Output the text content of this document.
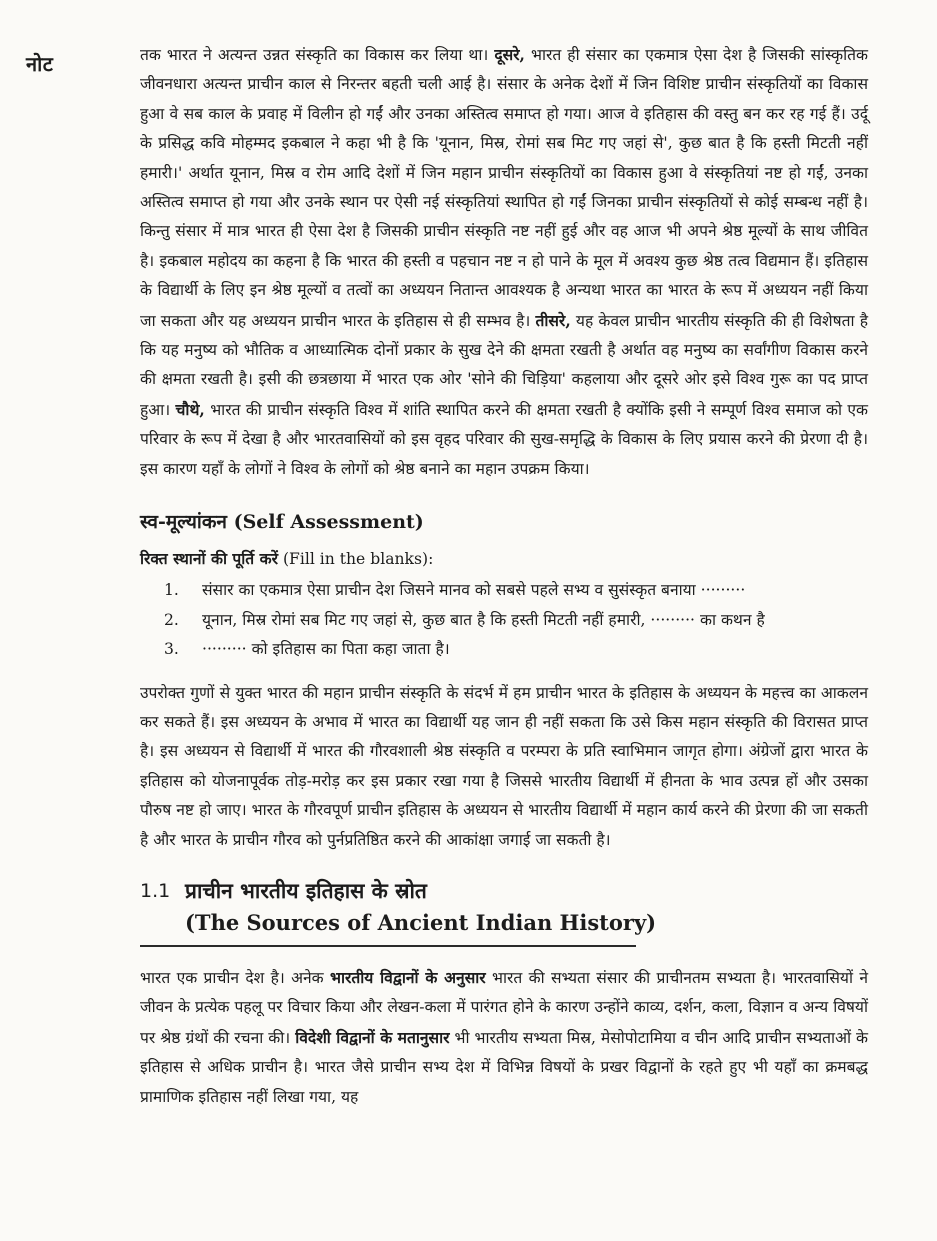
नोट	तक भारत ने अत्यन्त उन्नत संस्कृति का विकास कर लिया था। दूसरे, भारत ही संसार का एकमात्र ऐसा देश है जिसकी सांस्कृतिक जीवनधारा अत्यन्त प्राचीन काल से निरन्तर बहती चली आई है। संसार के अनेक देशों में जिन विशिष्ट प्राचीन संस्कृतियों का विकास हुआ वे सब काल के प्रवाह में विलीन हो गईं और उनका अस्तित्व समाप्त हो गया। आज वे इतिहास की वस्तु बन कर रह गई हैं। उर्दू के प्रसिद्ध कवि मोहम्मद इकबाल ने कहा भी है कि 'यूनान, मिस्र, रोमां सब मिट गए जहां से', कुछ बात है कि हस्ती मिटती नहीं हमारी।' अर्थात यूनान, मिस्र व रोम आदि देशों में जिन महान प्राचीन संस्कृतियों का विकास हुआ वे संस्कृतियां नष्ट हो गईं, उनका अस्तित्व समाप्त हो गया और उनके स्थान पर ऐसी नई संस्कृतियां स्थापित हो गईं जिनका प्राचीन संस्कृतियों से कोई सम्बन्ध नहीं है। किन्तु संसार में मात्र भारत ही ऐसा देश है जिसकी प्राचीन संस्कृति नष्ट नहीं हुई और वह आज भी अपने श्रेष्ठ मूल्यों के साथ जीवित है। इकबाल महोदय का कहना है कि भारत की हस्ती व पहचान नष्ट न हो पाने के मूल में अवश्य कुछ श्रेष्ठ तत्व विद्यमान हैं। इतिहास के विद्यार्थी के लिए इन श्रेष्ठ मूल्यों व तत्वों का अध्ययन नितान्त आवश्यक है अन्यथा भारत का भारत के रूप में अध्ययन नहीं किया जा सकता और यह अध्ययन प्राचीन भारत के इतिहास से ही सम्भव है। तीसरे, यह केवल प्राचीन भारतीय संस्कृति की ही विशेषता है कि यह मनुष्य को भौतिक व आध्यात्मिक दोनों प्रकार के सुख देने की क्षमता रखती है अर्थात वह मनुष्य का सर्वांगीण विकास करने की क्षमता रखती है। इसी की छत्रछाया में भारत एक ओर 'सोने की चिड़िया' कहलाया और दूसरे ओर इसे विश्व गुरू का पद प्राप्त हुआ। चौथे, भारत की प्राचीन संस्कृति विश्व में शांति स्थापित करने की क्षमता रखती है क्योंकि इसी ने सम्पूर्ण विश्व समाज को एक परिवार के रूप में देखा है और भारतवासियों को इस वृहद परिवार की सुख-समृद्धि के विकास के लिए प्रयास करने की प्रेरणा दी है। इस कारण यहाँ के लोगों ने विश्व के लोगों को श्रेष्ठ बनाने का महान उपक्रम किया।

स्व-मूल्यांकन (Self Assessment)
रिक्त स्थानों की पूर्ति करें (Fill in the blanks):
1.	संसार का एकमात्र ऐसा प्राचीन देश जिसने मानव को सबसे पहले सभ्य व सुसंस्कृत बनाया ·········
2.	यूनान, मिस्र रोमां सब मिट गए जहां से, कुछ बात है कि हस्ती मिटती नहीं हमारी, ········· का कथन है
3.	········· को इतिहास का पिता कहा जाता है।

उपरोक्त गुणों से युक्त भारत की महान प्राचीन संस्कृति के संदर्भ में हम प्राचीन भारत के इतिहास के अध्ययन के महत्त्व का आकलन कर सकते हैं। इस अध्ययन के अभाव में भारत का विद्यार्थी यह जान ही नहीं सकता कि उसे किस महान संस्कृति की विरासत प्राप्त है। इस अध्ययन से विद्यार्थी में भारत की गौरवशाली श्रेष्ठ संस्कृति व परम्परा के प्रति स्वाभिमान जागृत होगा। अंग्रेजों द्वारा भारत के इतिहास को योजनापूर्वक तोड़-मरोड़ कर इस प्रकार रखा गया है जिससे भारतीय विद्यार्थी में हीनता के भाव उत्पन्न हों और उसका पौरुष नष्ट हो जाए। भारत के गौरवपूर्ण प्राचीन इतिहास के अध्ययन से भारतीय विद्यार्थी में महान कार्य करने की प्रेरणा की जा सकती है और भारत के प्राचीन गौरव को पुर्नप्रतिष्ठित करने की आकांक्षा जगाई जा सकती है।

1.1 प्राचीन भारतीय इतिहास के स्रोत
(The Sources of Ancient Indian History)

भारत एक प्राचीन देश है। अनेक भारतीय विद्वानों के अनुसार भारत की सभ्यता संसार की प्राचीनतम सभ्यता है। भारतवासियों ने जीवन के प्रत्येक पहलू पर विचार किया और लेखन-कला में पारंगत होने के कारण उन्होंने काव्य, दर्शन, कला, विज्ञान व अन्य विषयों पर श्रेष्ठ ग्रंथों की रचना की। विदेशी विद्वानों के मतानुसार भी भारतीय सभ्यता मिस्र, मेसोपोटामिया व चीन आदि प्राचीन सभ्यताओं के इतिहास से अधिक प्राचीन है। भारत जैसे प्राचीन सभ्य देश में विभिन्न विषयों के प्रखर विद्वानों के रहते हुए भी यहाँ का क्रमबद्ध प्रामाणिक इतिहास नहीं लिखा गया, यह
